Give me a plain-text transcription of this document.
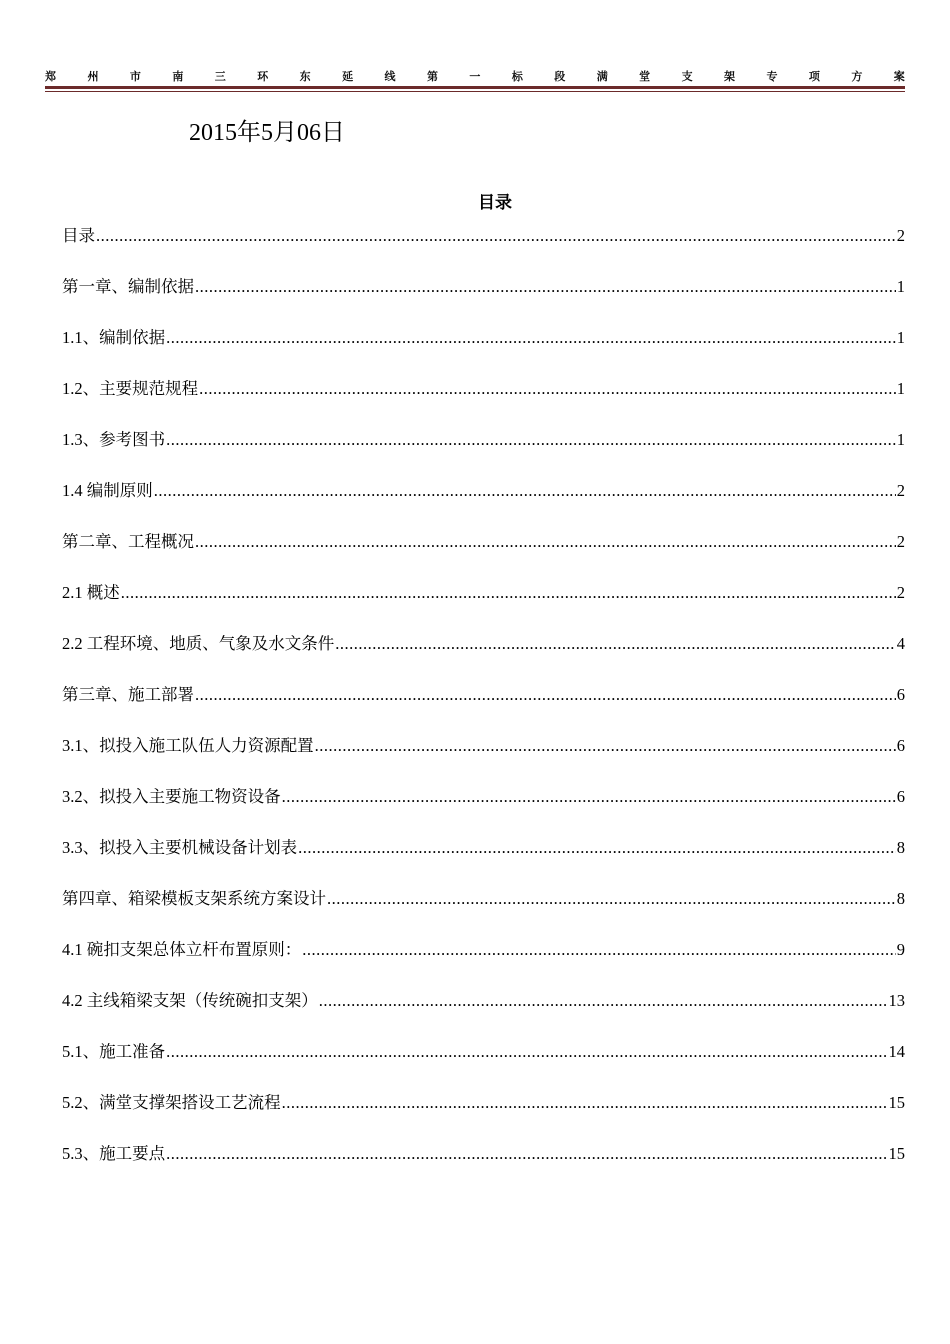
郑	州	市	南	三	环	东	延	线	第	一	标	段	满	堂	支	架	专	项	方	案
2015年5月06日
目录
目录 .....	2
第一章、编制依据 .....	1
1.1、编制依据 .....	1
1.2、主要规范规程 .....	1
1.3、参考图书 .....	1
1.4 编制原则 .....	2
第二章、工程概况 .....	2
2.1 概述 .....	2
2.2 工程环境、地质、气象及水文条件 .....	4
第三章、施工部署 .....	6
3.1、拟投入施工队伍人力资源配置 .....	6
3.2、拟投入主要施工物资设备 .....	6
3.3、拟投入主要机械设备计划表 .....	8
第四章、箱梁模板支架系统方案设计 .....	8
4.1 碗扣支架总体立杆布置原则： .....	9
4.2 主线箱梁支架（传统碗扣支架） .....	13
5.1、施工准备 .....	14
5.2、满堂支撑架搭设工艺流程 .....	15
5.3、施工要点 .....	15
